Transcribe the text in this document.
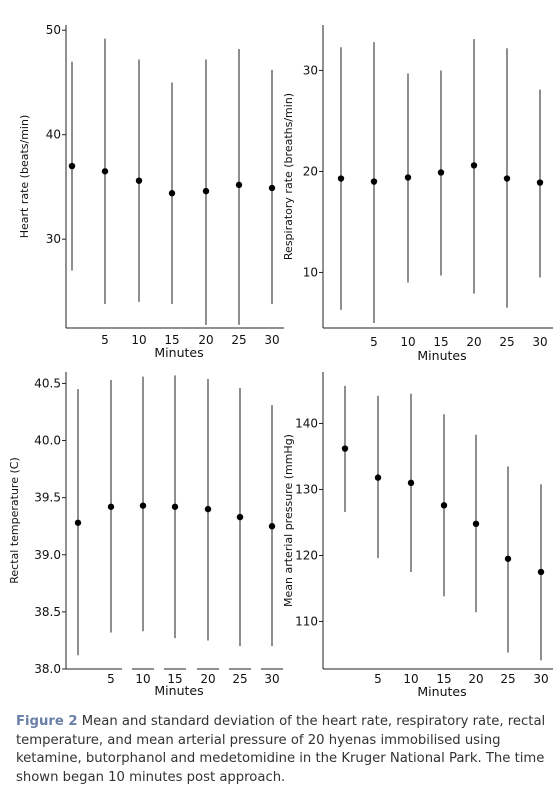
30
40
50
5 10 15 20 25 30
Minutes
Heart rate (beats/min)
10
20
30
5 10 15 20 25 30
Minutes
Respiratory rate (breaths/min)
38.0
38.5
39.0
39.5
40.0
40.5
5 10 15 20 25 30
Minutes
Rectal temperature (C)
110
120
130
140
5 10 15 20 25 30
Minutes
Mean arterial pressure (mmHg)

Figure 2 Mean and standard deviation of the heart rate, respiratory rate, rectal temperature, and mean arterial pressure of 20 hyenas immobilised using ketamine, butorphanol and medetomidine in the Kruger National Park. The time shown began 10 minutes post approach.
